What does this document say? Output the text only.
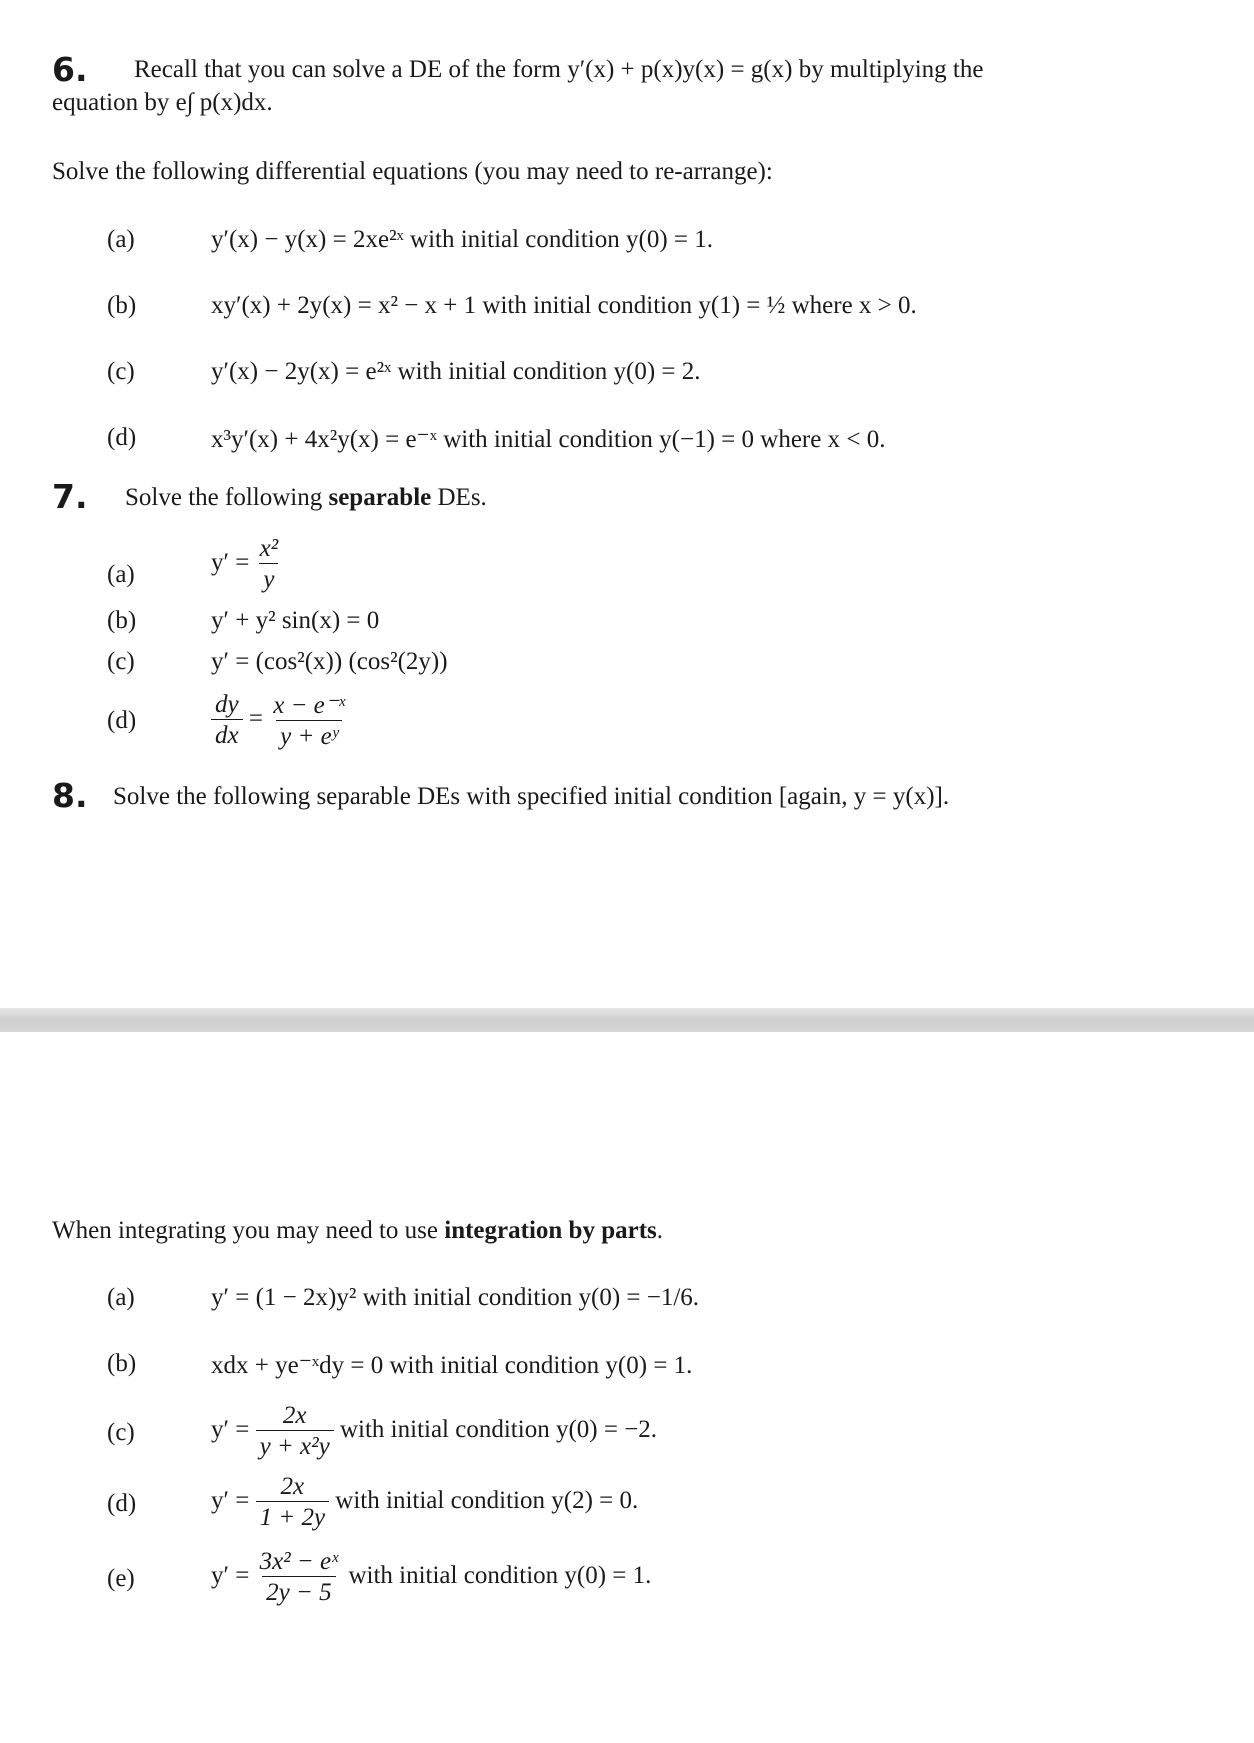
6. Recall that you can solve a DE of the form y′(x) + p(x)y(x) = g(x) by multiplying the
equation by e∫ p(x)dx.
Solve the following differential equations (you may need to re-arrange):
(a)	y′(x) − y(x) = 2xe²ˣ with initial condition y(0) = 1.
(b)	xy′(x) + 2y(x) = x² − x + 1 with initial condition y(1) = ½ where x > 0.
(c)	y′(x) − 2y(x) = e²ˣ with initial condition y(0) = 2.
(d)	x³y′(x) + 4x²y(x) = e⁻ˣ with initial condition y(−1) = 0 where x < 0.
7. Solve the following separable DEs.
(a)	$y' = \frac{\text{x²}}{y}$
(b)	y′ + y² sin(x) = 0
(c)	y′ = (cos²(x)) (cos²(2y))
(d)	$\frac{dy}{dx} = \frac{\text{x − e⁻ˣ}}{\text{y + eʸ}}$
8. Solve the following separable DEs with specified initial condition [again, y = y(x)].
When integrating you may need to use integration by parts.
(a)	y′ = (1 − 2x)y² with initial condition y(0) = −1/6.
(b)	xdx + ye⁻ˣdy = 0 with initial condition y(0) = 1.
(c)	$y' = \frac{2x}{\text{y + x²y}}$ with initial condition y(0) = −2.
(d)	$y' = \frac{2x}{1 + 2y}$ with initial condition y(2) = 0.
(e)	$y' = \frac{\text{3x² − eˣ}}{2y - 5}$ with initial condition y(0) = 1.
